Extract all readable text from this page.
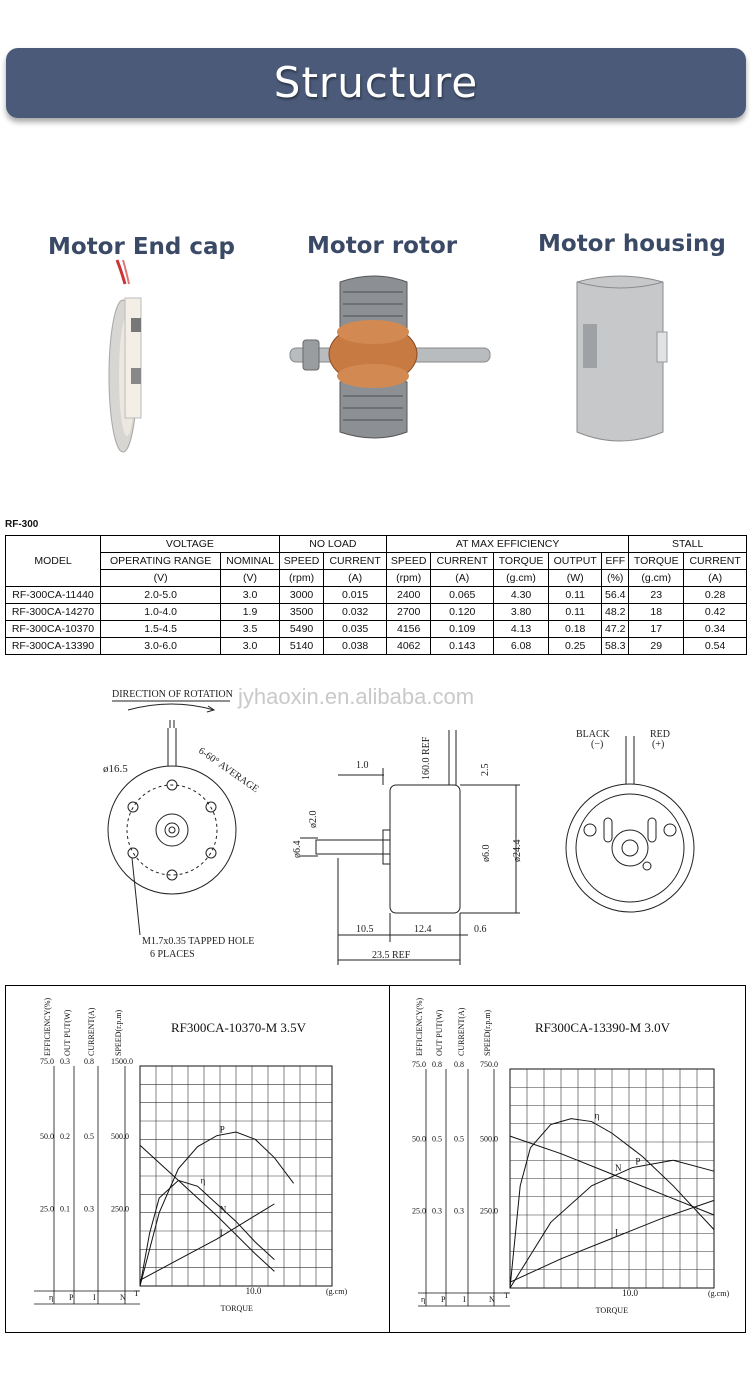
Structure
Motor End cap	Motor rotor	Motor housing
RF-300
MODEL	VOLTAGE		NO LOAD		AT MAX EFFICIENCY					STALL	
	OPERATING RANGE	NOMINAL	SPEED	CURRENT	SPEED	CURRENT	TORQUE	OUTPUT	EFF	TORQUE	CURRENT
	(V)	(V)	(rpm)	(A)	(rpm)	(A)	(g.cm)	(W)	(%)	(g.cm)	(A)
RF-300CA-11440	2.0-5.0	3.0	3000	0.015	2400	0.065	4.30	0.11	56.4	23	0.28
RF-300CA-14270	1.0-4.0	1.9	3500	0.032	2700	0.120	3.80	0.11	48.2	18	0.42
RF-300CA-10370	1.5-4.5	3.5	5490	0.035	4156	0.109	4.13	0.18	47.2	17	0.34
RF-300CA-13390	3.0-6.0	3.0	5140	0.038	4062	0.143	6.08	0.25	58.3	29	0.54
jyhaoxin.en.alibaba.com
DIRECTION OF ROTATION
ø16.5	6-60° AVERAGE
M1.7x0.35 TAPPED HOLE
6 PLACES
1.0
ø6.4
ø2.0
160.0 REF	2.5
ø6.0 ø24.4
10.5	12.4	0.6
23.5 REF
BLACK
(−)
RED
(+)
RF300CA-10370-M 3.5V
EFFICIENCY(%)
75.0
50.0
25.0
η
OUT PUT(W)
0.3
0.2
0.1
P
CURRENT(A)
0.8
0.5
0.3
I
SPEED(r.p.m)
1500.0
500.0
250.0
N T	10.0	(g.cm)
TORQUE
P
η
N
I
RF300CA-13390-M 3.0V
EFFICIENCY(%)
75.0
50.0
25.0
η
OUT PUT(W)
0.8
0.5
0.3
P
CURRENT(A)
0.8
0.5
0.3
I
SPEED(r.p.m)
750.0
500.0
250.0
N T	10.0	(g.cm)
TORQUE
η
N
P
I
